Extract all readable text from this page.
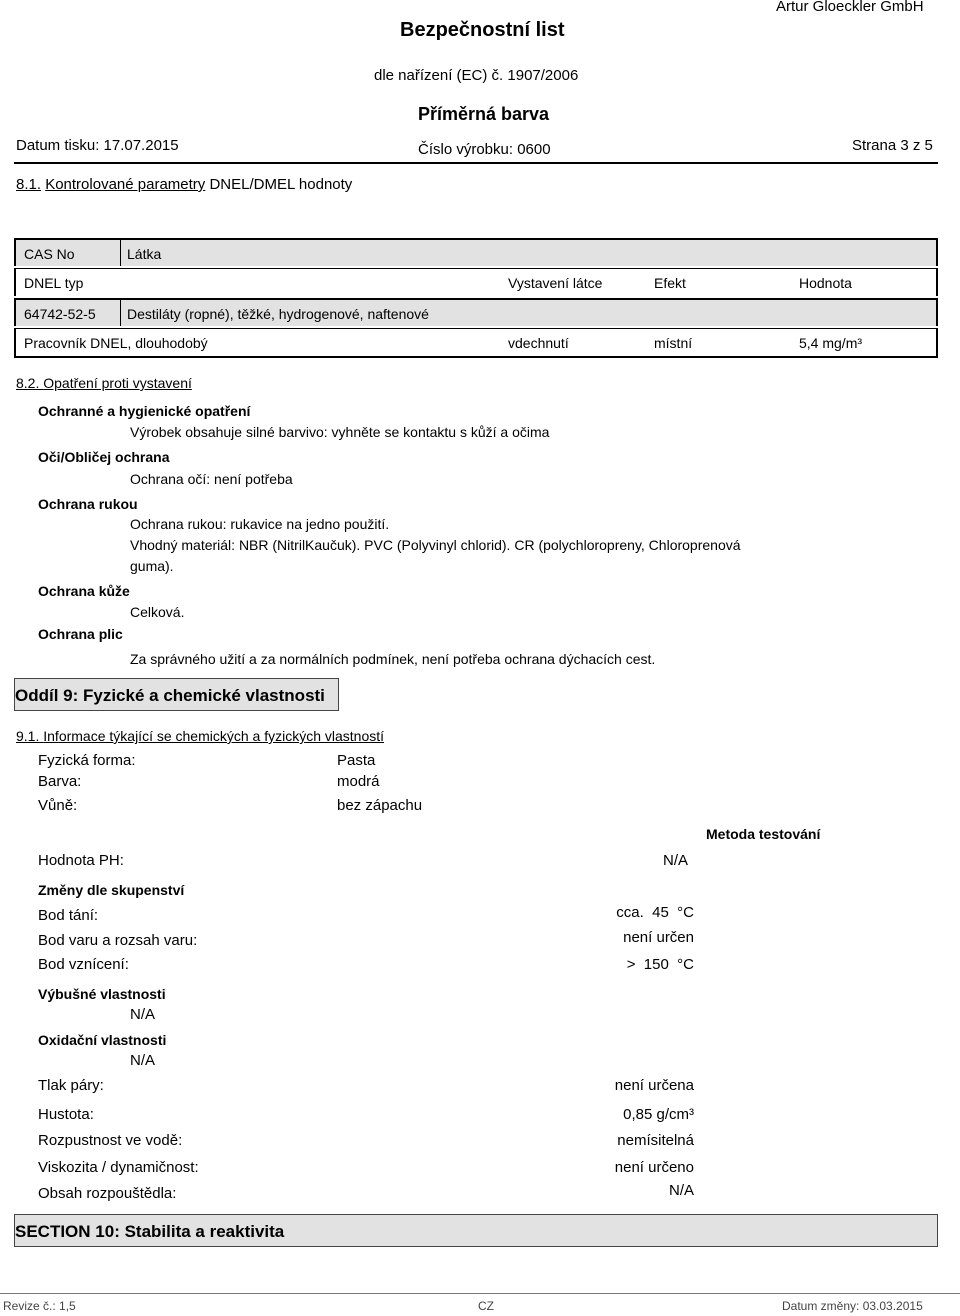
Bezpečnostní list
Artur Gloeckler GmbH
dle nařízení (EC) č. 1907/2006
Příměrná barva
Datum tisku: 17.07.2015	Číslo výrobku: 0600	Strana 3 z 5
8.1. Kontrolované parametry DNEL/DMEL hodnoty
CAS No	Látka
DNEL typ	Vystavení látce	Efekt	Hodnota
64742-52-5 Destiláty (ropné), těžké, hydrogenové, naftenové
Pracovník DNEL, dlouhodobý	vdechnutí	místní	5,4 mg/m³
8.2. Opatření proti vystavení
Ochranné a hygienické opatření
Výrobek obsahuje silné barvivo: vyhněte se kontaktu s kůží a očima
Oči/Obličej ochrana
Ochrana očí: není potřeba
Ochrana rukou
Ochrana rukou: rukavice na jedno použití.
Vhodný materiál: NBR (NitrilKaučuk). PVC (Polyvinyl chlorid). CR (polychloropreny, Chloroprenová
guma).
Ochrana kůže
Celková.
Ochrana plic
Za správného užití a za normálních podmínek, není potřeba ochrana dýchacích cest.
Oddíl 9: Fyzické a chemické vlastnosti
9.1. Informace týkající se chemických a fyzických vlastností
Fyzická forma:	Pasta
Barva:	modrá
Vůně:	bez zápachu
Metoda testování
Hodnota PH:	N/A
Změny dle skupenství
Bod tání:	cca.  45  °C
Bod varu a rozsah varu:	není určen
Bod vznícení:	>  150  °C
Výbušné vlastnosti
N/A
Oxidační vlastnosti
N/A
Tlak páry:	není určena
Hustota:	0,85 g/cm³
Rozpustnost ve vodě:	nemísitelná
Viskozita / dynamičnost:	není určeno
Obsah rozpouštědla:	N/A
SECTION 10: Stabilita a reaktivita
Revize č.: 1,5	CZ	Datum změny: 03.03.2015
